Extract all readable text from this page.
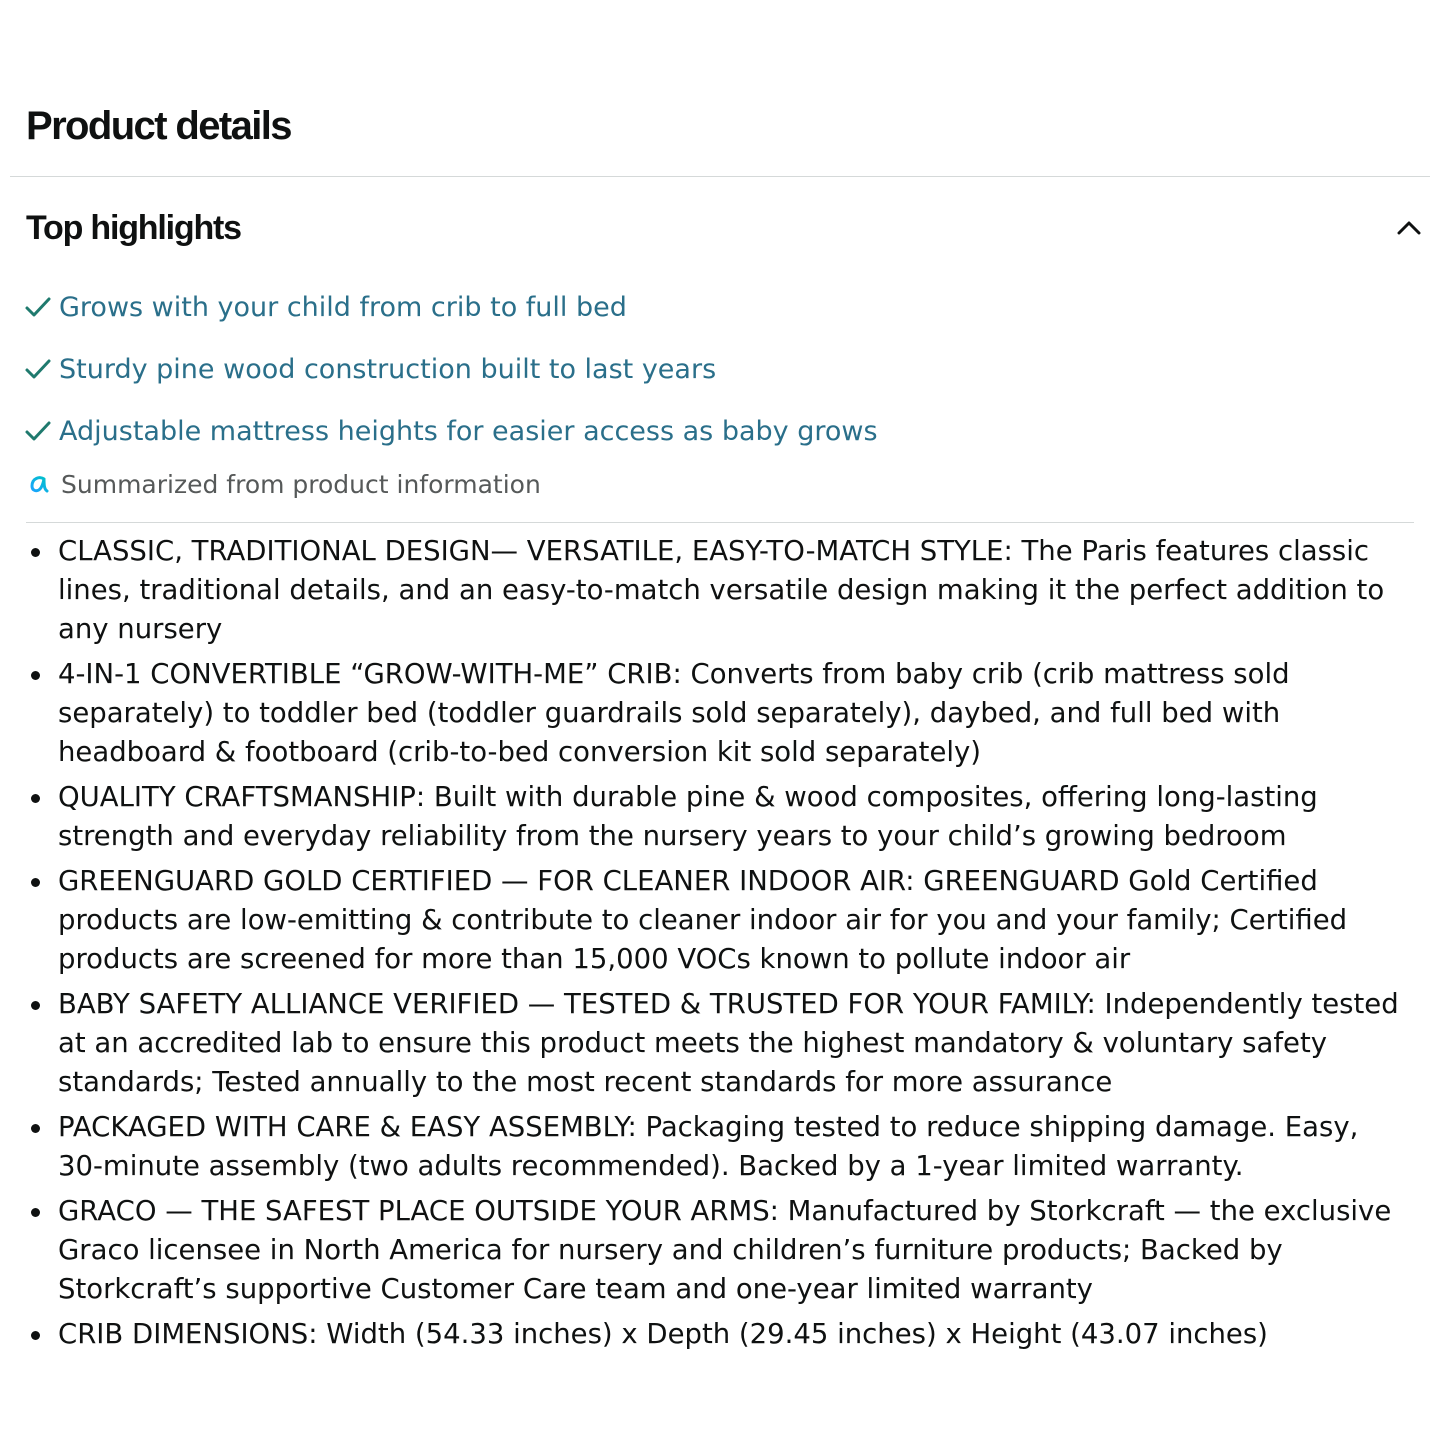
Product details
Top highlights
Grows with your child from crib to full bed
Sturdy pine wood construction built to last years
Adjustable mattress heights for easier access as baby grows
Summarized from product information
CLASSIC, TRADITIONAL DESIGN— VERSATILE, EASY-TO-MATCH STYLE: The Paris features classic lines, traditional details, and an easy-to-match versatile design making it the perfect addition to any nursery
4-IN-1 CONVERTIBLE “GROW-WITH-ME” CRIB: Converts from baby crib (crib mattress sold separately) to toddler bed (toddler guardrails sold separately), daybed, and full bed with headboard & footboard (crib-to-bed conversion kit sold separately)
QUALITY CRAFTSMANSHIP: Built with durable pine & wood composites, offering long-lasting strength and everyday reliability from the nursery years to your child’s growing bedroom
GREENGUARD GOLD CERTIFIED — FOR CLEANER INDOOR AIR: GREENGUARD Gold Certified products are low-emitting & contribute to cleaner indoor air for you and your family; Certified products are screened for more than 15,000 VOCs known to pollute indoor air
BABY SAFETY ALLIANCE VERIFIED — TESTED & TRUSTED FOR YOUR FAMILY: Independently tested at an accredited lab to ensure this product meets the highest mandatory & voluntary safety standards; Tested annually to the most recent standards for more assurance
PACKAGED WITH CARE & EASY ASSEMBLY: Packaging tested to reduce shipping damage. Easy, 30-minute assembly (two adults recommended). Backed by a 1-year limited warranty.
GRACO — THE SAFEST PLACE OUTSIDE YOUR ARMS: Manufactured by Storkcraft — the exclusive Graco licensee in North America for nursery and children’s furniture products; Backed by Storkcraft’s supportive Customer Care team and one-year limited warranty
CRIB DIMENSIONS: Width (54.33 inches) x Depth (29.45 inches) x Height (43.07 inches)
